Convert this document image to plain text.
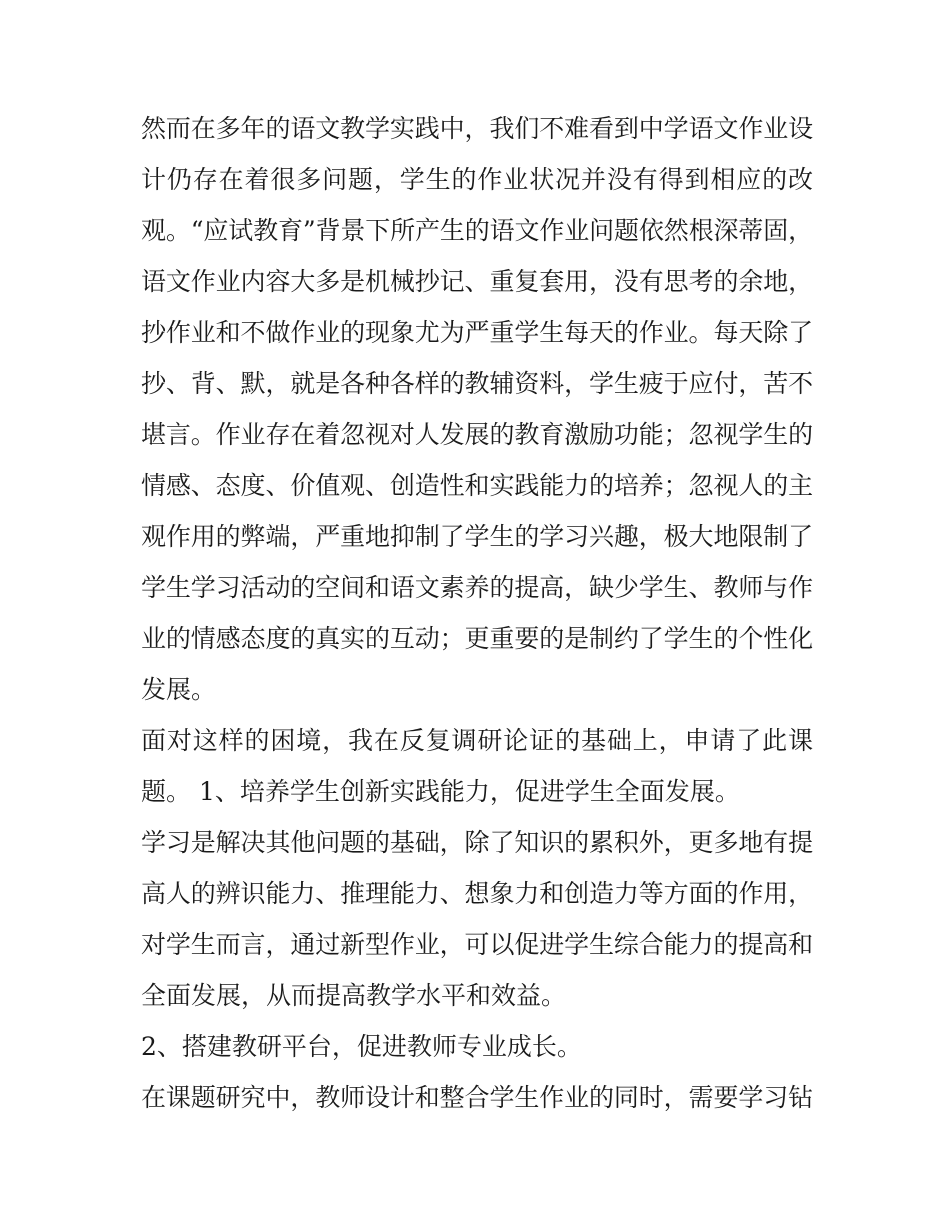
然而在多年的语文教学实践中，我们不难看到中学语文作业设
计仍存在着很多问题，学生的作业状况并没有得到相应的改
观。“应试教育”背景下所产生的语文作业问题依然根深蒂固，
语文作业内容大多是机械抄记、重复套用，没有思考的余地，
抄作业和不做作业的现象尤为严重学生每天的作业。每天除了
抄、背、默，就是各种各样的教辅资料，学生疲于应付，苦不
堪言。作业存在着忽视对人发展的教育激励功能；忽视学生的
情感、态度、价值观、创造性和实践能力的培养；忽视人的主
观作用的弊端，严重地抑制了学生的学习兴趣，极大地限制了
学生学习活动的空间和语文素养的提高，缺少学生、教师与作
业的情感态度的真实的互动；更重要的是制约了学生的个性化
发展。
面对这样的困境，我在反复调研论证的基础上，申请了此课
题。 1、培养学生创新实践能力，促进学生全面发展。
学习是解决其他问题的基础，除了知识的累积外，更多地有提
高人的辨识能力、推理能力、想象力和创造力等方面的作用，
对学生而言，通过新型作业，可以促进学生综合能力的提高和
全面发展，从而提高教学水平和效益。
2、搭建教研平台，促进教师专业成长。
在课题研究中，教师设计和整合学生作业的同时，需要学习钻
